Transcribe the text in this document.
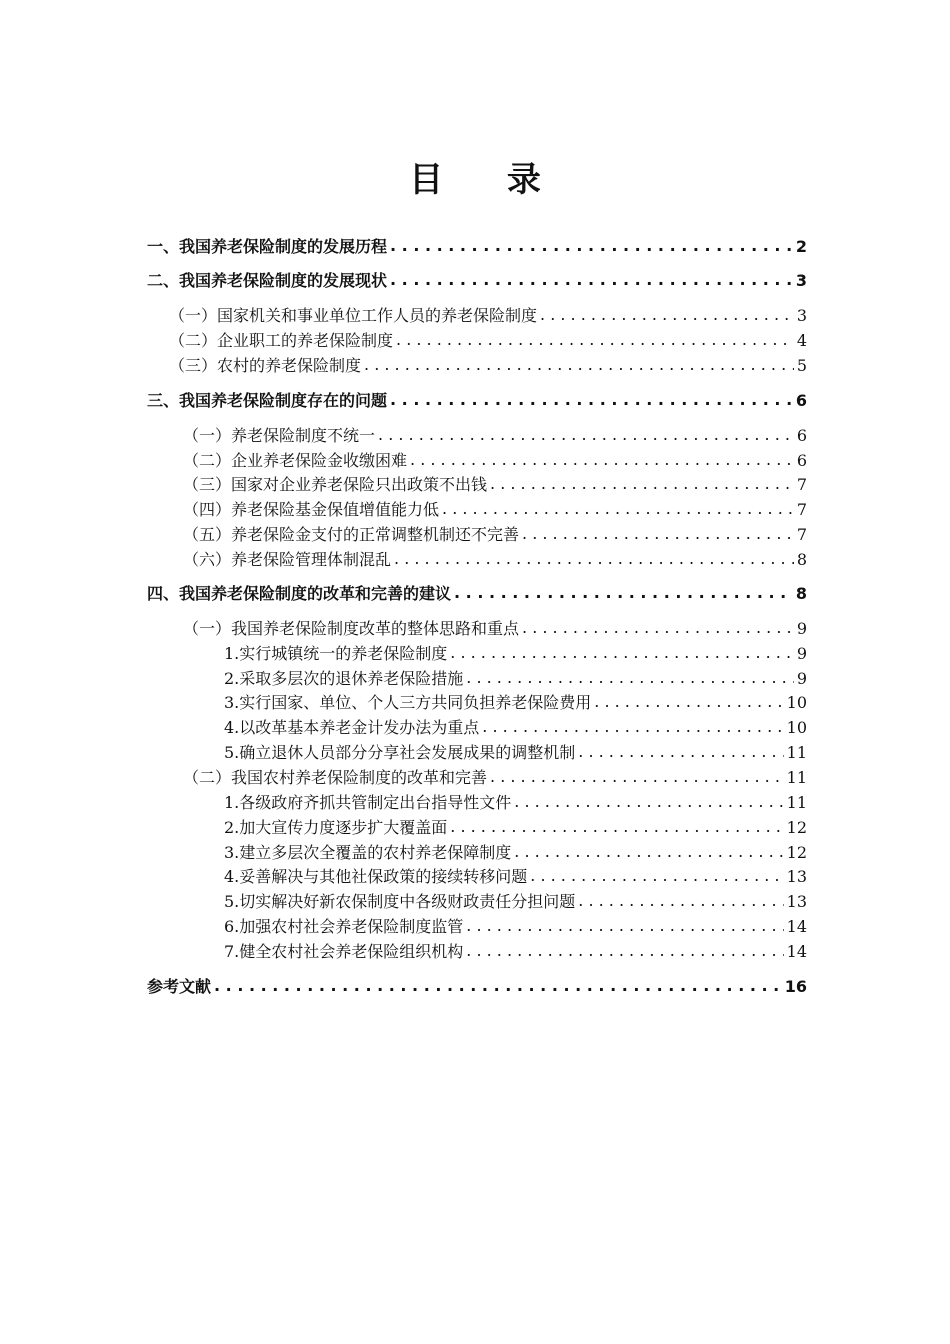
目 录
一、我国养老保险制度的发展历程 . . .	2
二、我国养老保险制度的发展现状 . . .	3
（一）国家机关和事业单位工作人员的养老保险制度 . . .	3
（二）企业职工的养老保险制度 . . .	4
（三）农村的养老保险制度 . . .	5
三、我国养老保险制度存在的问题 . . .	6
（一）养老保险制度不统一 . . .	6
（二）企业养老保险金收缴困难 . . .	6
（三）国家对企业养老保险只出政策不出钱 . . .	7
（四）养老保险基金保值增值能力低 . . .	7
（五）养老保险金支付的正常调整机制还不完善 . . .	7
（六）养老保险管理体制混乱 . . .	8
四、我国养老保险制度的改革和完善的建议 . . .	8
（一）我国养老保险制度改革的整体思路和重点 . . .	9
1.实行城镇统一的养老保险制度 . . .	9
2.采取多层次的退休养老保险措施 . . .	9
3.实行国家、单位、个人三方共同负担养老保险费用 . . .	10
4.以改革基本养老金计发办法为重点 . . .	10
5.确立退休人员部分分享社会发展成果的调整机制 . . .	11
（二）我国农村养老保险制度的改革和完善 . . .	11
1.各级政府齐抓共管制定出台指导性文件 . . .	11
2.加大宣传力度逐步扩大覆盖面 . . .	12
3.建立多层次全覆盖的农村养老保障制度 . . .	12
4.妥善解决与其他社保政策的接续转移问题 . . .	13
5.切实解决好新农保制度中各级财政责任分担问题 . . .	13
6.加强农村社会养老保险制度监管 . . .	14
7.健全农村社会养老保险组织机构 . . .	14
参考文献 . . .	16
